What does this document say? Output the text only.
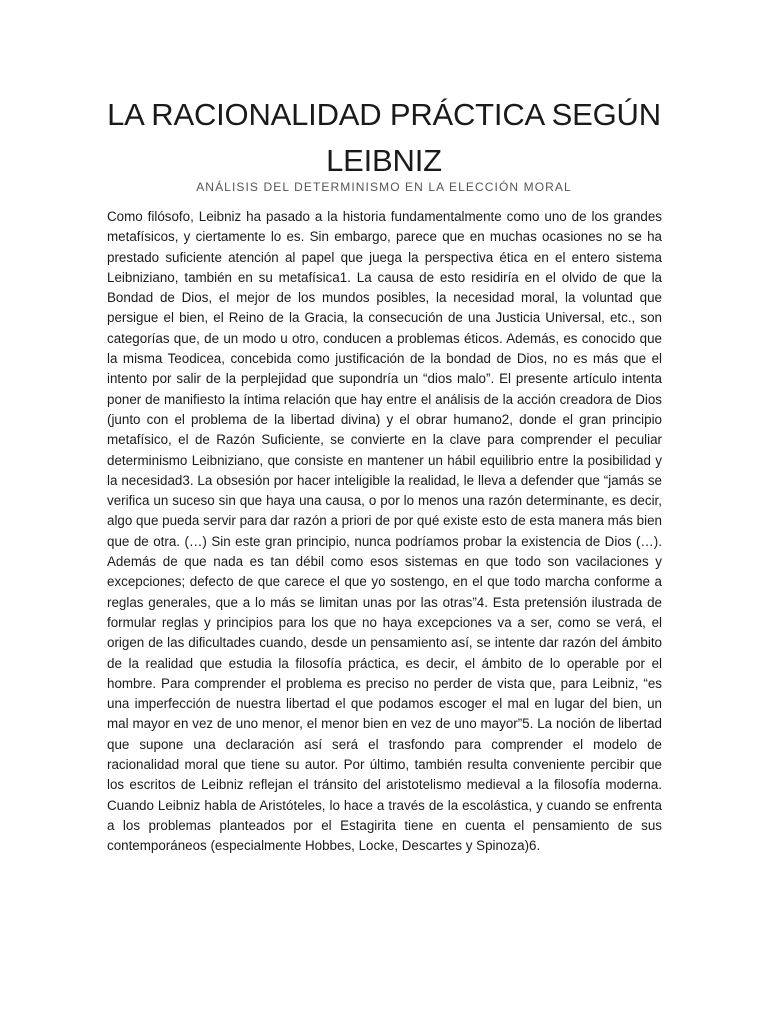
LA RACIONALIDAD PRÁCTICA SEGÚN LEIBNIZ

ANÁLISIS DEL DETERMINISMO EN LA ELECCIÓN MORAL

Como filósofo, Leibniz ha pasado a la historia fundamentalmente como uno de los grandes metafísicos, y ciertamente lo es. Sin embargo, parece que en muchas ocasiones no se ha prestado suficiente atención al papel que juega la perspectiva ética en el entero sistema Leibniziano, también en su metafísica1. La causa de esto residiría en el olvido de que la Bondad de Dios, el mejor de los mundos posibles, la necesidad moral, la voluntad que persigue el bien, el Reino de la Gracia, la consecución de una Justicia Universal, etc., son categorías que, de un modo u otro, conducen a problemas éticos. Además, es conocido que la misma Teodicea, concebida como justificación de la bondad de Dios, no es más que el intento por salir de la perplejidad que supondría un “dios malo”. El presente artículo intenta poner de manifiesto la íntima relación que hay entre el análisis de la acción creadora de Dios (junto con el problema de la libertad divina) y el obrar humano2, donde el gran principio metafísico, el de Razón Suficiente, se convierte en la clave para comprender el peculiar determinismo Leibniziano, que consiste en mantener un hábil equilibrio entre la posibilidad y la necesidad3. La obsesión por hacer inteligible la realidad, le lleva a defender que “jamás se verifica un suceso sin que haya una causa, o por lo menos una razón determinante, es decir, algo que pueda servir para dar razón a priori de por qué existe esto de esta manera más bien que de otra. (…) Sin este gran principio, nunca podríamos probar la existencia de Dios (…). Además de que nada es tan débil como esos sistemas en que todo son vacilaciones y excepciones; defecto de que carece el que yo sostengo, en el que todo marcha conforme a reglas generales, que a lo más se limitan unas por las otras”4. Esta pretensión ilustrada de formular reglas y principios para los que no haya excepciones va a ser, como se verá, el origen de las dificultades cuando, desde un pensamiento así, se intente dar razón del ámbito de la realidad que estudia la filosofía práctica, es decir, el ámbito de lo operable por el hombre. Para comprender el problema es preciso no perder de vista que, para Leibniz, “es una imperfección de nuestra libertad el que podamos escoger el mal en lugar del bien, un mal mayor en vez de uno menor, el menor bien en vez de uno mayor”5. La noción de libertad que supone una declaración así será el trasfondo para comprender el modelo de racionalidad moral que tiene su autor. Por último, también resulta conveniente percibir que los escritos de Leibniz reflejan el tránsito del aristotelismo medieval a la filosofía moderna. Cuando Leibniz habla de Aristóteles, lo hace a través de la escolástica, y cuando se enfrenta a los problemas planteados por el Estagirita tiene en cuenta el pensamiento de sus contemporáneos (especialmente Hobbes, Locke, Descartes y Spinoza)6.
